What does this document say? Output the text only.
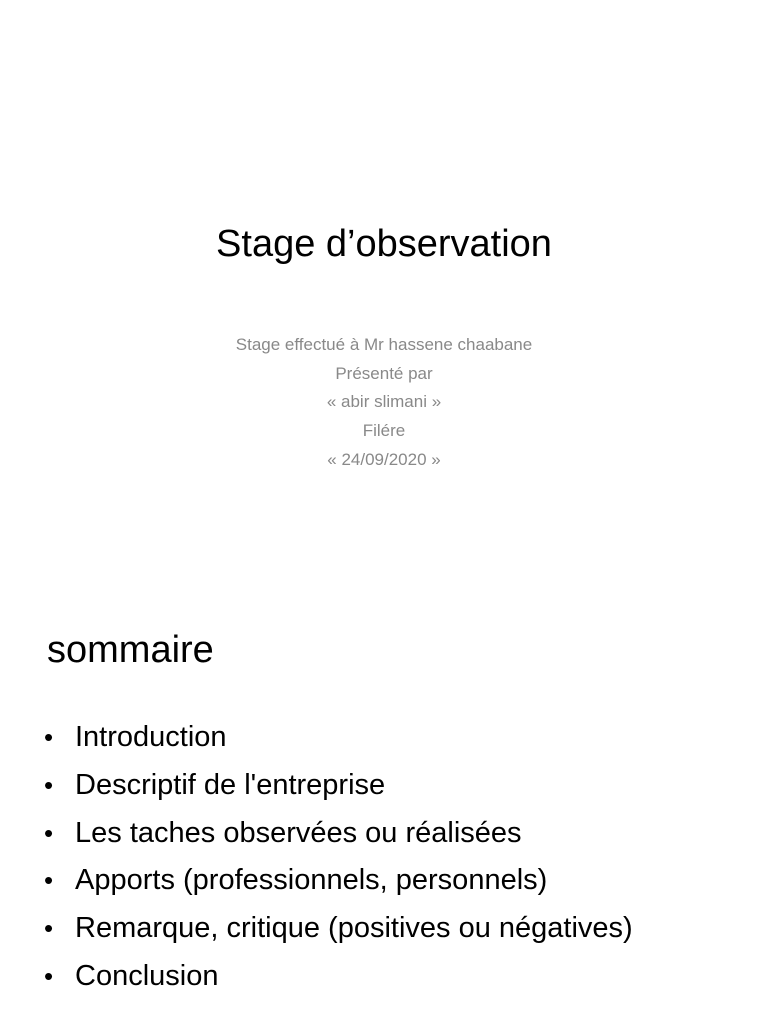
Stage d’observation
Stage effectué à Mr hassene chaabane
Présenté par
« abir slimani »
Filére
« 24/09/2020 »
sommaire
• Introduction
• Descriptif de l'entreprise
• Les taches observées ou réalisées
• Apports (professionnels, personnels)
• Remarque, critique (positives ou négatives)
• Conclusion
